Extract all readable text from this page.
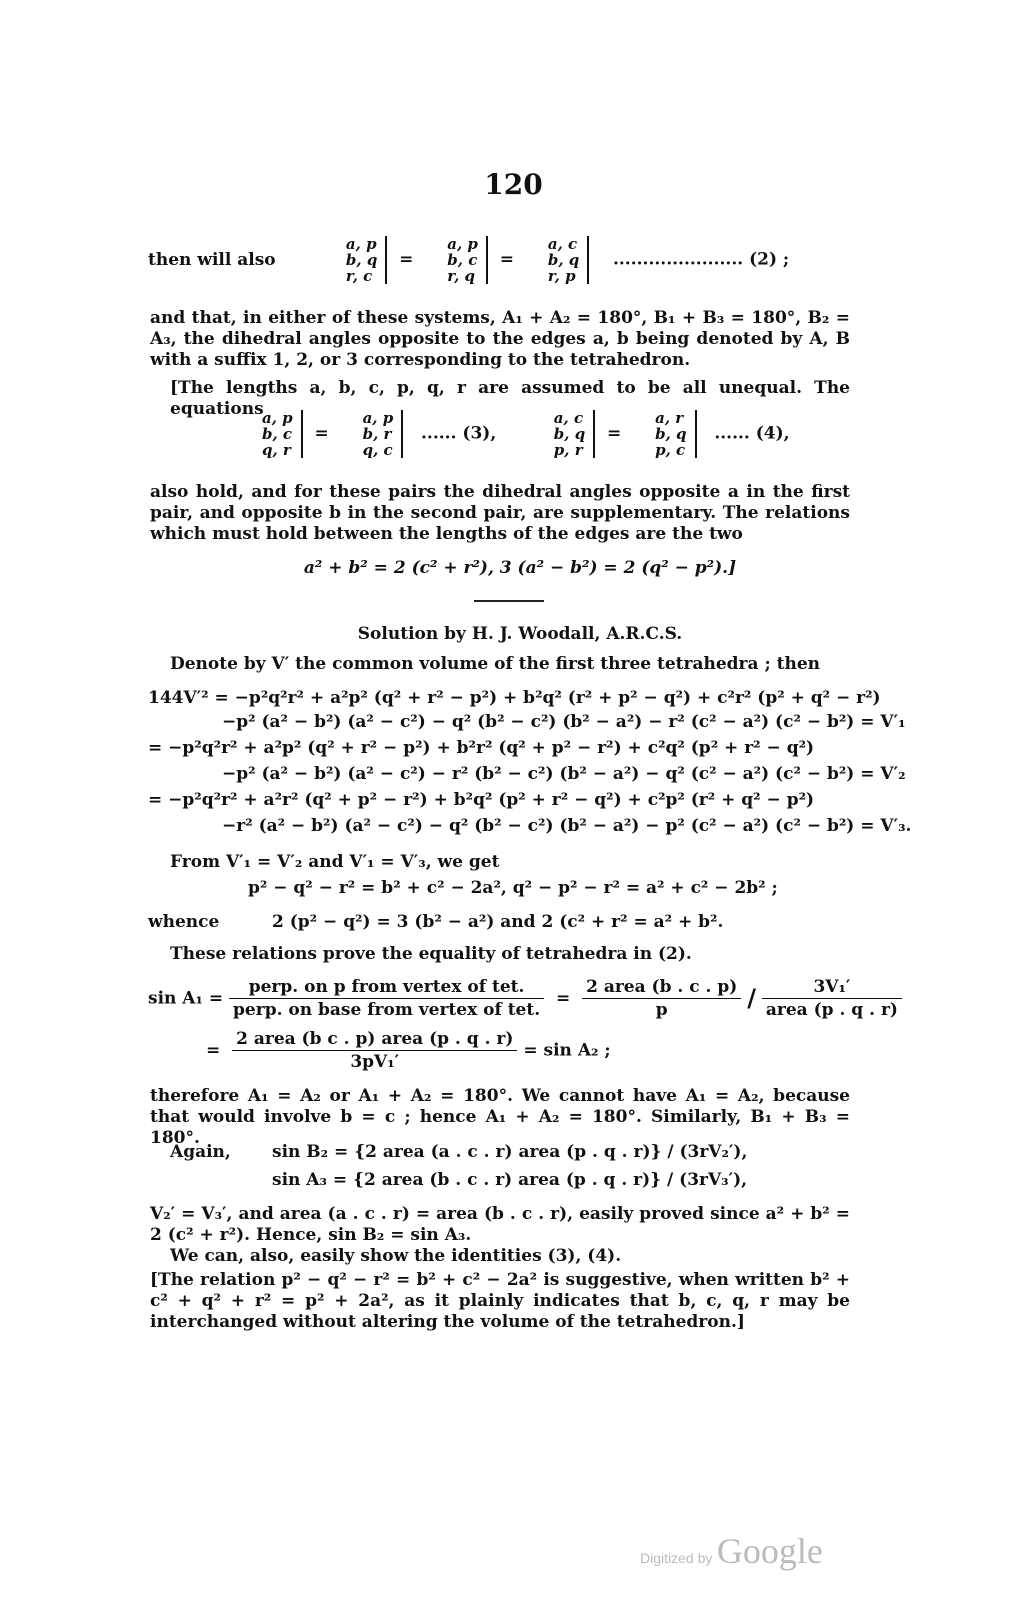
120
then will also a, p
b, q
r, c  =  a, p
b, c
r, q  =  a, c
b, q
r, p    ...................... (2) ;
and that, in either of these systems, A₁ + A₂ = 180°, B₁ + B₃ = 180°, B₂ = A₃, the dihedral angles opposite to the edges a, b being denoted by A, B with a suffix 1, 2, or 3 corresponding to the tetrahedron.
[The lengths a, b, c, p, q, r are assumed to be all unequal. The equations
a, p
b, c
q, r  =  a, p
b, r
q, c   ...... (3),      a, c
b, q
p, r  =  a, r
b, q
p, c   ...... (4),
also hold, and for these pairs the dihedral angles opposite a in the first pair, and opposite b in the second pair, are supplementary. The relations which must hold between the lengths of the edges are the two
a² + b² = 2 (c² + r²), 3 (a² − b²) = 2 (q² − p²).]
Solution by H. J. Woodall, A.R.C.S.
Denote by V′ the common volume of the first three tetrahedra ; then
144V′² = −p²q²r² + a²p² (q² + r² − p²) + b²q² (r² + p² − q²) + c²r² (p² + q² − r²)
−p² (a² − b²) (a² − c²) − q² (b² − c²) (b² − a²) − r² (c² − a²) (c² − b²) = V′₁
= −p²q²r² + a²p² (q² + r² − p²) + b²r² (q² + p² − r²) + c²q² (p² + r² − q²)
−p² (a² − b²) (a² − c²) − r² (b² − c²) (b² − a²) − q² (c² − a²) (c² − b²) = V′₂
= −p²q²r² + a²r² (q² + p² − r²) + b²q² (p² + r² − q²) + c²p² (r² + q² − p²)
−r² (a² − b²) (a² − c²) − q² (b² − c²) (b² − a²) − p² (c² − a²) (c² − b²) = V′₃.
From V′₁ = V′₂ and V′₁ = V′₃, we get
p² − q² − r² = b² + c² − 2a², q² − p² − r² = a² + c² − 2b² ;
whence	2 (p² − q²) = 3 (b² − a²) and 2 (c² + r² = a² + b².
These relations prove the equality of tetrahedra in (2).
$\sin A_1 = \frac{\text{perp. on p from vertex of tet.}}{\text{perp. on base from vertex of tet.}} = \frac{\text{2 area (b . c . p)}}{p} / \frac{\text{3V₁′}}{\text{area (p . q . r)}}$
= $\frac{\text{2 area (b c . p) area (p . q . r)}}{\text{3pV₁′}} = \sin A_2$ ;
therefore A₁ = A₂ or A₁ + A₂ = 180°. We cannot have A₁ = A₂, because that would involve b = c ; hence A₁ + A₂ = 180°. Similarly, B₁ + B₃ = 180°.
Again, sin B₂ = {2 area (a . c . r) area (p . q . r)} / (3rV₂′),
sin A₃ = {2 area (b . c . r) area (p . q . r)} / (3rV₃′),
V₂′ = V₃′, and area (a . c . r) = area (b . c . r), easily proved since a² + b² = 2 (c² + r²). Hence, sin B₂ = sin A₃.
We can, also, easily show the identities (3), (4).
[The relation p² − q² − r² = b² + c² − 2a² is suggestive, when written b² + c² + q² + r² = p² + 2a², as it plainly indicates that b, c, q, r may be interchanged without altering the volume of the tetrahedron.]
Digitized by Google
